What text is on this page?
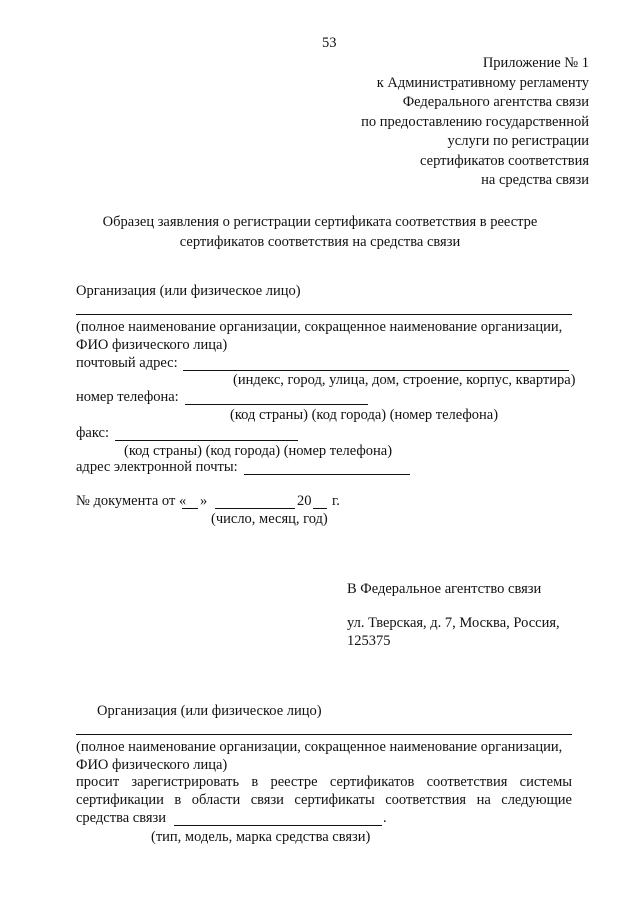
53
Приложение № 1
к Административному регламенту
Федерального агентства связи
по предоставлению государственной
услуги по регистрации
сертификатов соответствия
на средства связи
Образец заявления о регистрации сертификата соответствия в реестре
сертификатов соответствия на средства связи
Организация (или физическое лицо)
(полное наименование организации, сокращенное наименование организации,
ФИО физического лица)
почтовый адрес:
(индекс, город, улица, дом, строение, корпус, квартира)
номер телефона:
(код страны) (код города) (номер телефона)
факс:
(код страны) (код города) (номер телефона)
адрес электронной почты:
№ документа от « »	20 г.
(число, месяц, год)
В Федеральное агентство связи
ул. Тверская, д. 7, Москва, Россия,
125375
Организация (или физическое лицо)
(полное наименование организации, сокращенное наименование организации,
ФИО физического лица)
просит зарегистрировать в реестре сертификатов соответствия системы
сертификации в области связи сертификаты соответствия на следующие
средства связи	.
(тип, модель, марка средства связи)
